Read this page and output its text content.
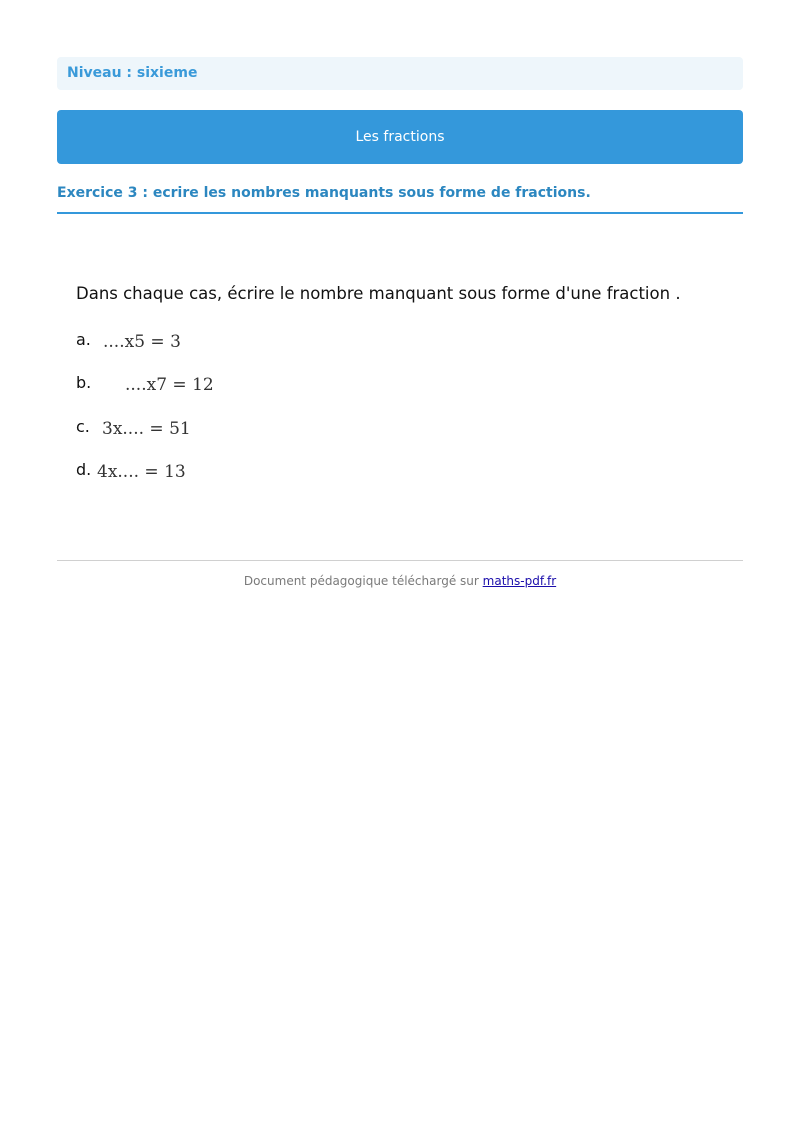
Niveau : sixieme
Les fractions
Exercice 3 : ecrire les nombres manquants sous forme de fractions.
Dans chaque cas, écrire le nombre manquant sous forme d'une fraction .
a. ....x5 = 3
b. ....x7 = 12
c. 3x.... = 51
d. 4x.... = 13
Document pédagogique téléchargé sur maths-pdf.fr
